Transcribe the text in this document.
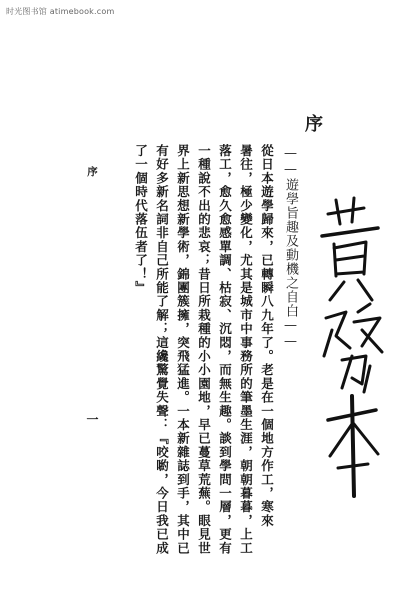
时光图书馆 atimebook.com
序
——遊學旨趣及動機之自白——
從日本遊學歸來，已轉瞬八九年了。老是在一個地方作工，寒來
暑往，極少變化，尤其是城市中事務所的筆墨生涯，朝朝暮暮，上工
落工，愈久愈感單調、枯寂、沉悶，而無生趣。談到學問一層，更有
一種說不出的悲哀；昔日所栽種的小小園地，早已蔓草荒蕪。眼見世
界上新思想新學術，錦團簇擁，突飛猛進。一本新雜誌到手，其中已
有好多新名詞非自己所能了解；這纔驚覺失聲：『咬喲，今日我已成
了一個時代落伍者了！』
序
一
